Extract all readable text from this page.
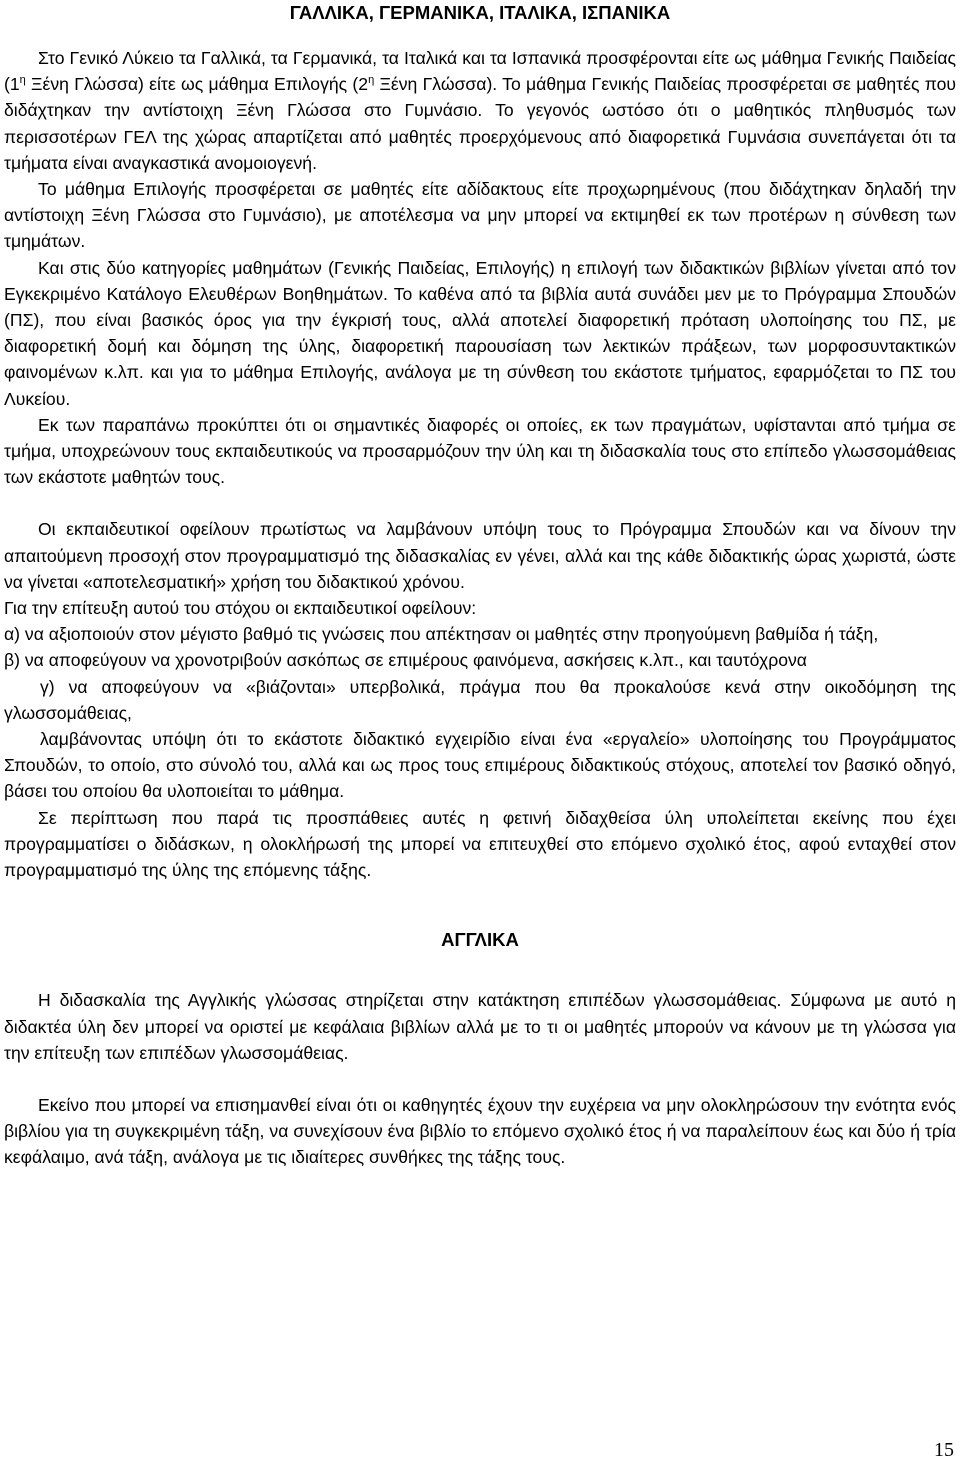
ΓΑΛΛΙΚΑ, ΓΕΡΜΑΝΙΚΑ, ΙΤΑΛΙΚΑ, ΙΣΠΑΝΙΚΑ

Στο Γενικό Λύκειο τα Γαλλικά, τα Γερμανικά, τα Ιταλικά και τα Ισπανικά προσφέρονται είτε ως μάθημα Γενικής Παιδείας ($1^\eta$ Ξένη Γλώσσα) είτε ως μάθημα Επιλογής ($2^\eta$ Ξένη Γλώσσα). Το μάθημα Γενικής Παιδείας προσφέρεται σε μαθητές που διδάχτηκαν την αντίστοιχη Ξένη Γλώσσα στο Γυμνάσιο. Το γεγονός ωστόσο ότι ο μαθητικός πληθυσμός των περισσοτέρων ΓΕΛ της χώρας απαρτίζεται από μαθητές προερχόμενους από διαφορετικά Γυμνάσια συνεπάγεται ότι τα τμήματα είναι αναγκαστικά ανομοιογενή.

Το μάθημα Επιλογής προσφέρεται σε μαθητές είτε αδίδακτους είτε προχωρημένους (που διδάχτηκαν δηλαδή την αντίστοιχη Ξένη Γλώσσα στο Γυμνάσιο), με αποτέλεσμα να μην μπορεί να εκτιμηθεί εκ των προτέρων η σύνθεση των τμημάτων.

Και στις δύο κατηγορίες μαθημάτων (Γενικής Παιδείας, Επιλογής) η επιλογή των διδακτικών βιβλίων γίνεται από τον Εγκεκριμένο Κατάλογο Ελευθέρων Βοηθημάτων. Το καθένα από τα βιβλία αυτά συνάδει μεν με το Πρόγραμμα Σπουδών (ΠΣ), που είναι βασικός όρος για την έγκρισή τους, αλλά αποτελεί διαφορετική πρόταση υλοποίησης του ΠΣ, με διαφορετική δομή και δόμηση της ύλης, διαφορετική παρουσίαση των λεκτικών πράξεων, των μορφοσυντακτικών φαινομένων κ.λπ. και για το μάθημα Επιλογής, ανάλογα με τη σύνθεση του εκάστοτε τμήματος, εφαρμόζεται το ΠΣ του Λυκείου.

Εκ των παραπάνω προκύπτει ότι οι σημαντικές διαφορές οι οποίες, εκ των πραγμάτων, υφίστανται από τμήμα σε τμήμα, υποχρεώνουν τους εκπαιδευτικούς να προσαρμόζουν την ύλη και τη διδασκαλία τους στο επίπεδο γλωσσομάθειας των εκάστοτε μαθητών τους.

Οι εκπαιδευτικοί οφείλουν πρωτίστως να λαμβάνουν υπόψη τους το Πρόγραμμα Σπουδών και να δίνουν την απαιτούμενη προσοχή στον προγραμματισμό της διδασκαλίας εν γένει, αλλά και της κάθε διδακτικής ώρας χωριστά, ώστε να γίνεται «αποτελεσματική» χρήση του διδακτικού χρόνου.

Για την επίτευξη αυτού του στόχου οι εκπαιδευτικοί οφείλουν:

α) να αξιοποιούν στον μέγιστο βαθμό τις γνώσεις που απέκτησαν οι μαθητές στην προηγούμενη βαθμίδα ή τάξη,

β) να αποφεύγουν να χρονοτριβούν ασκόπως σε επιμέρους φαινόμενα, ασκήσεις κ.λπ., και ταυτόχρονα

γ) να αποφεύγουν να «βιάζονται» υπερβολικά, πράγμα που θα προκαλούσε κενά στην οικοδόμηση της γλωσσομάθειας,

λαμβάνοντας υπόψη ότι το εκάστοτε διδακτικό εγχειρίδιο είναι ένα «εργαλείο» υλοποίησης του Προγράμματος Σπουδών, το οποίο, στο σύνολό του, αλλά και ως προς τους επιμέρους διδακτικούς στόχους, αποτελεί τον βασικό οδηγό, βάσει του οποίου θα υλοποιείται το μάθημα.

Σε περίπτωση που παρά τις προσπάθειες αυτές η φετινή διδαχθείσα ύλη υπολείπεται εκείνης που έχει προγραμματίσει ο διδάσκων, η ολοκλήρωσή της μπορεί να επιτευχθεί στο επόμενο σχολικό έτος, αφού ενταχθεί στον προγραμματισμό της ύλης της επόμενης τάξης.

ΑΓΓΛΙΚΑ

Η διδασκαλία της Αγγλικής γλώσσας στηρίζεται στην κατάκτηση επιπέδων γλωσσομάθειας. Σύμφωνα με αυτό η διδακτέα ύλη δεν μπορεί να οριστεί με κεφάλαια βιβλίων αλλά με το τι οι μαθητές μπορούν να κάνουν με τη γλώσσα για την επίτευξη των επιπέδων γλωσσομάθειας.

Εκείνο που μπορεί να επισημανθεί είναι ότι οι καθηγητές έχουν την ευχέρεια να μην ολοκληρώσουν την ενότητα ενός βιβλίου για τη συγκεκριμένη τάξη, να συνεχίσουν ένα βιβλίο το επόμενο σχολικό έτος ή να παραλείπουν έως και δύο ή τρία κεφάλαιμο, ανά τάξη, ανάλογα με τις ιδιαίτερες συνθήκες της τάξης τους.

15
